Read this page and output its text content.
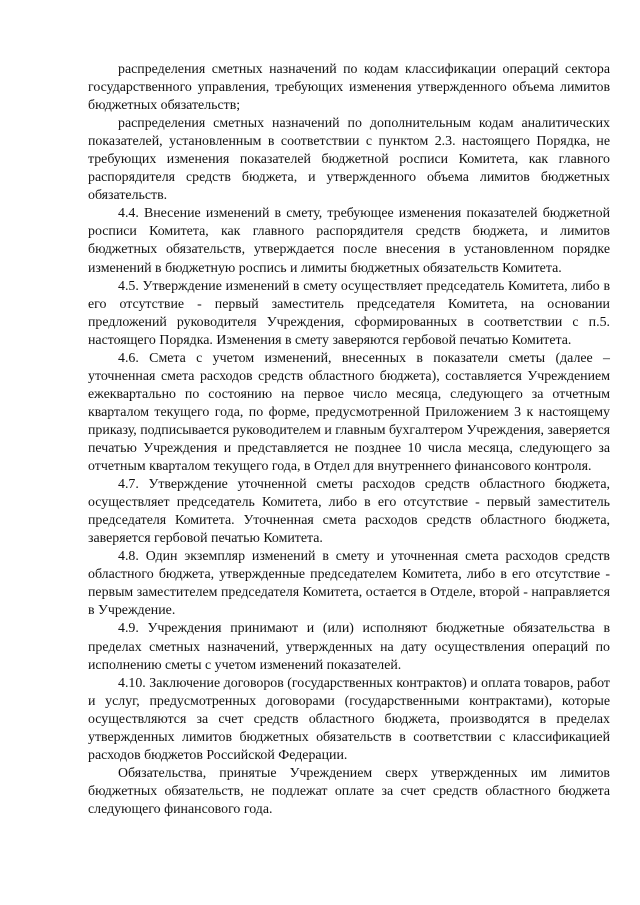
распределения сметных назначений по кодам классификации операций сектора государственного управления, требующих изменения утвержденного объема лимитов бюджетных обязательств;

распределения сметных назначений по дополнительным кодам аналитических показателей, установленным в соответствии с пунктом 2.3. настоящего Порядка, не требующих изменения показателей бюджетной росписи Комитета, как главного распорядителя средств бюджета, и утвержденного объема лимитов бюджетных обязательств.

4.4. Внесение изменений в смету, требующее изменения показателей бюджетной росписи Комитета, как главного распорядителя средств бюджета, и лимитов бюджетных обязательств, утверждается после внесения в установленном порядке изменений в бюджетную роспись и лимиты бюджетных обязательств Комитета.

4.5. Утверждение изменений в смету осуществляет председатель Комитета, либо в его отсутствие - первый заместитель председателя Комитета, на основании предложений руководителя Учреждения, сформированных в соответствии с п.5. настоящего Порядка. Изменения в смету заверяются гербовой печатью Комитета.

4.6. Смета с учетом изменений, внесенных в показатели сметы (далее – уточненная смета расходов средств областного бюджета), составляется Учреждением ежеквартально по состоянию на первое число месяца, следующего за отчетным кварталом текущего года, по форме, предусмотренной Приложением 3 к настоящему приказу, подписывается руководителем и главным бухгалтером Учреждения, заверяется печатью Учреждения и представляется не позднее 10 числа месяца, следующего за отчетным кварталом текущего года, в Отдел для внутреннего финансового контроля.

4.7. Утверждение уточненной сметы расходов средств областного бюджета, осуществляет председатель Комитета, либо в его отсутствие - первый заместитель председателя Комитета. Уточненная смета расходов средств областного бюджета, заверяется гербовой печатью Комитета.

4.8. Один экземпляр изменений в смету и уточненная смета расходов средств областного бюджета, утвержденные председателем Комитета, либо в его отсутствие - первым заместителем председателя Комитета, остается в Отделе, второй - направляется в Учреждение.

4.9. Учреждения принимают и (или) исполняют бюджетные обязательства в пределах сметных назначений, утвержденных на дату осуществления операций по исполнению сметы с учетом изменений показателей.

4.10. Заключение договоров (государственных контрактов) и оплата товаров, работ и услуг, предусмотренных договорами (государственными контрактами), которые осуществляются за счет средств областного бюджета, производятся в пределах утвержденных лимитов бюджетных обязательств в соответствии с классификацией расходов бюджетов Российской Федерации.

Обязательства, принятые Учреждением сверх утвержденных им лимитов бюджетных обязательств, не подлежат оплате за счет средств областного бюджета следующего финансового года.
